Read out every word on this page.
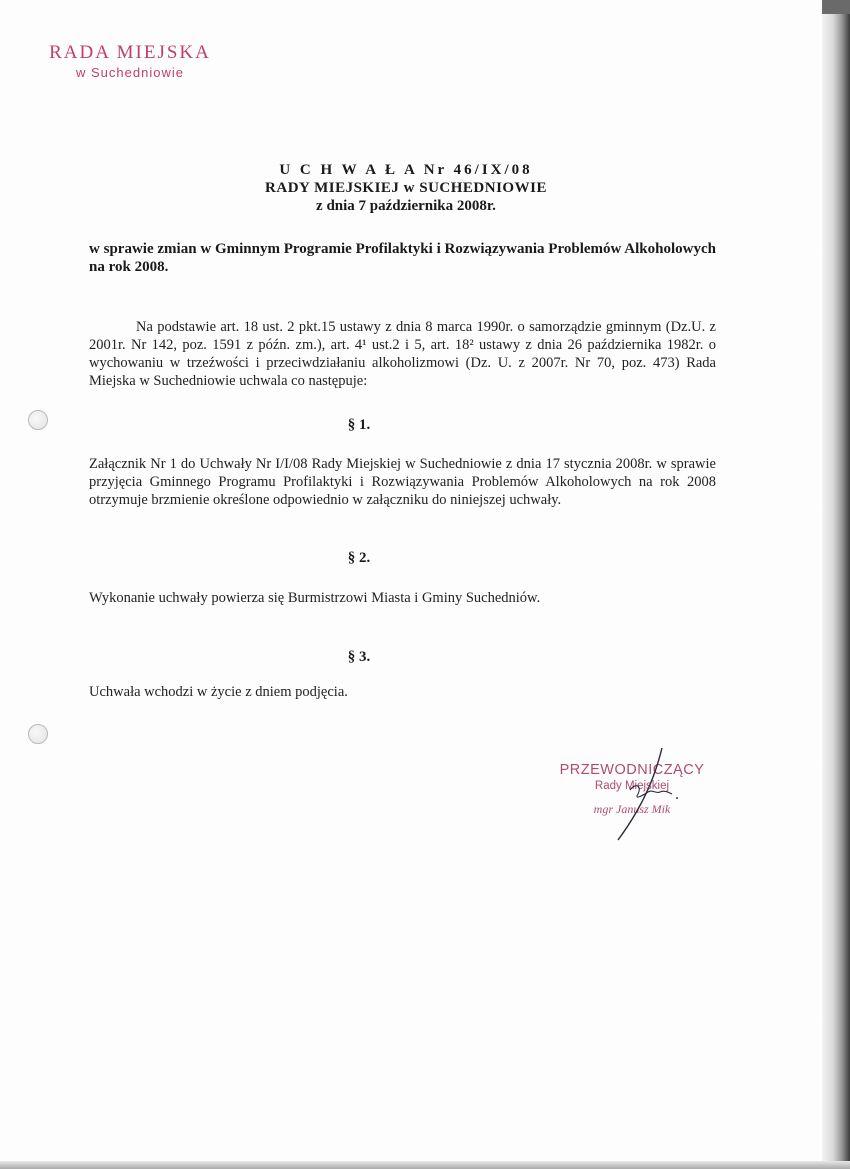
RADA MIEJSKA
w Suchedniowie
U C H W A Ł A Nr 46/IX/08
RADY MIEJSKIEJ w SUCHEDNIOWIE
z dnia 7 października 2008r.
w sprawie zmian w Gminnym Programie Profilaktyki i Rozwiązywania Problemów Alkoholowych na rok 2008.
Na podstawie art. 18 ust. 2 pkt.15 ustawy z dnia 8 marca 1990r. o samorządzie gminnym (Dz.U. z 2001r. Nr 142, poz. 1591 z późn. zm.), art. 4¹ ust.2 i 5, art. 18² ustawy z dnia 26 października 1982r. o wychowaniu w trzeźwości i przeciwdziałaniu alkoholizmowi (Dz. U. z 2007r. Nr 70, poz. 473) Rada Miejska w Suchedniowie uchwala co następuje:
§ 1.
Załącznik Nr 1 do Uchwały Nr I/I/08 Rady Miejskiej w Suchedniowie z dnia 17 stycznia 2008r. w sprawie przyjęcia Gminnego Programu Profilaktyki i Rozwiązywania Problemów Alkoholowych na rok 2008 otrzymuje brzmienie określone odpowiednio w załączniku do niniejszej uchwały.
§ 2.
Wykonanie uchwały powierza się Burmistrzowi Miasta i Gminy Suchedniów.
§ 3.
Uchwała wchodzi w życie z dniem podjęcia.
PRZEWODNICZĄCY
Rady Miejskiej
mgr Janusz Mik
